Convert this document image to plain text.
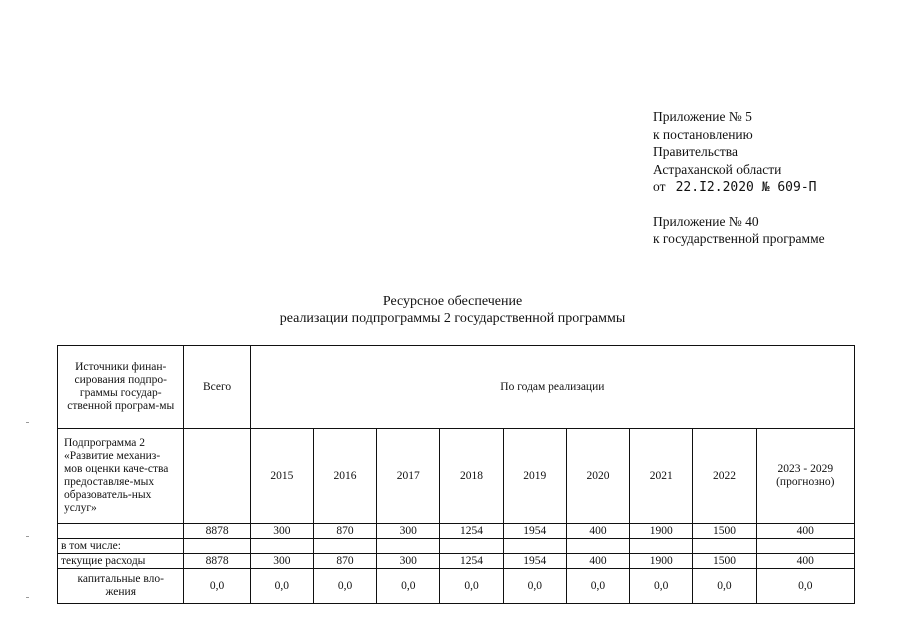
Приложение № 5
к постановлению
Правительства
Астраханской области
от 22.I2.2020 № 609-П
Приложение № 40
к государственной программе
Ресурсное обеспечение
реализации подпрограммы 2 государственной программы
Источники финан-сирования подпро-граммы государ-ственной програм-мы	Всего	По годам реализации								
Подпрограмма 2 «Развитие механиз-мов оценки каче-ства предоставляе-мых образователь-ных услуг»		2015	2016	2017	2018	2019	2020	2021	2022	2023 - 2029 (прогнозно)
	8878	300	870	300	1254	1954	400	1900	1500	400
в том числе:										
текущие расходы	8878	300	870	300	1254	1954	400	1900	1500	400
капитальные вло-жения	0,0	0,0	0,0	0,0	0,0	0,0	0,0	0,0	0,0	0,0
